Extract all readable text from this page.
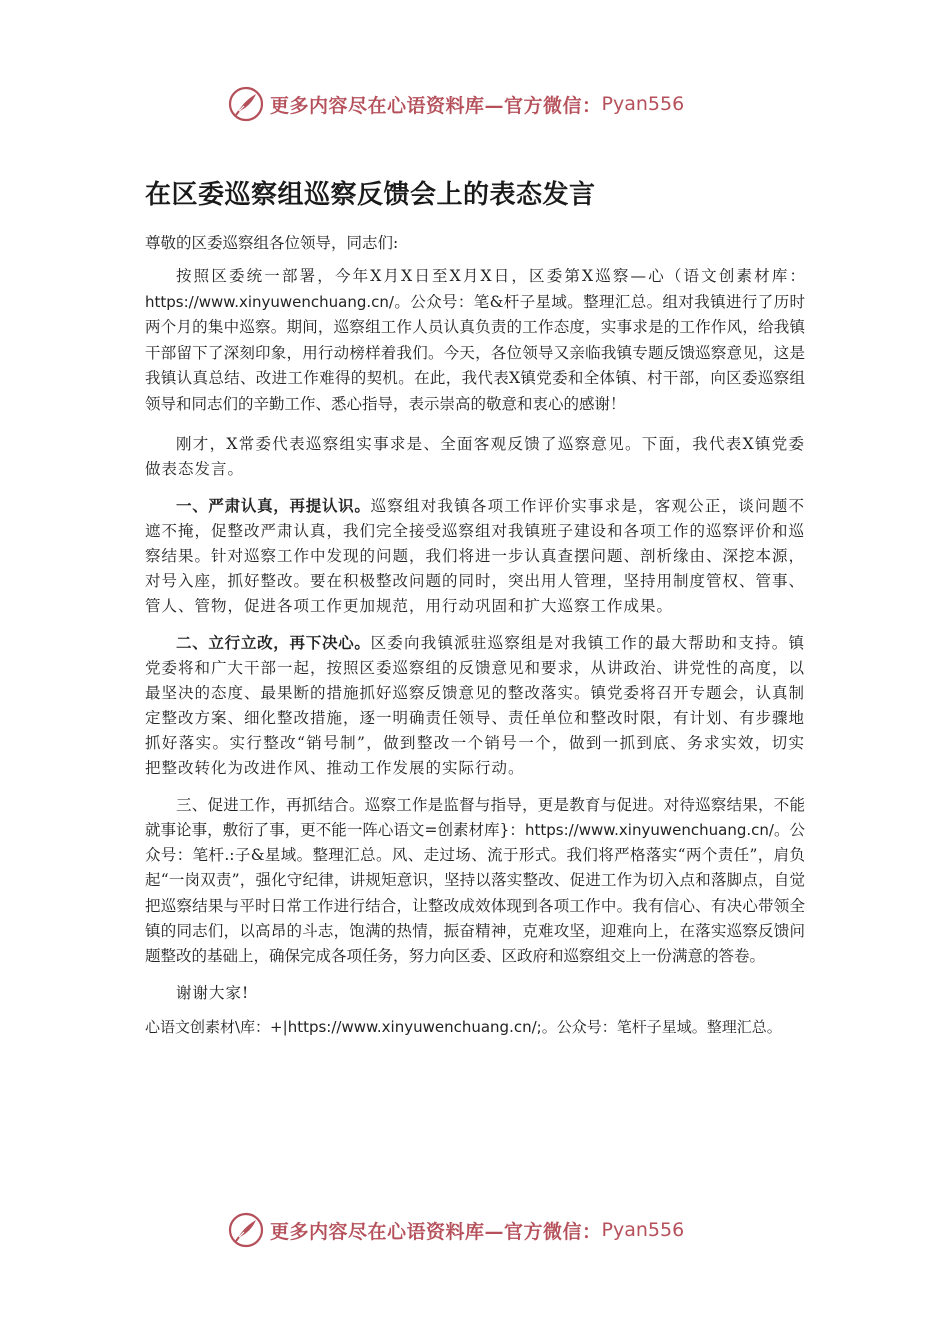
更多内容尽在心语资料库—官方微信： Pyan556
在区委巡察组巡察反馈会上的表态发言

尊敬的区委巡察组各位领导，同志们:

按照区委统一部署，今年X月X日至X月X日，区委第X巡察—心（语文创素材库：https://www.xinyuwenchuang.cn/。公众号：笔&杆子星域。整理汇总。组对我镇进行了历时两个月的集中巡察。期间，巡察组工作人员认真负责的工作态度，实事求是的工作作风，给我镇干部留下了深刻印象，用行动榜样着我们。今天，各位领导又亲临我镇专题反馈巡察意见，这是我镇认真总结、改进工作难得的契机。在此，我代表X镇党委和全体镇、村干部，向区委巡察组领导和同志们的辛勤工作、悉心指导，表示崇高的敬意和衷心的感谢！

刚才，X常委代表巡察组实事求是、全面客观反馈了巡察意见。下面，我代表X镇党委做表态发言。

一、严肃认真，再提认识。巡察组对我镇各项工作评价实事求是，客观公正，谈问题不遮不掩，促整改严肃认真，我们完全接受巡察组对我镇班子建设和各项工作的巡察评价和巡察结果。针对巡察工作中发现的问题，我们将进一步认真查摆问题、剖析缘由、深挖本源，对号入座，抓好整改。要在积极整改问题的同时，突出用人管理，坚持用制度管权、管事、管人、管物，促进各项工作更加规范，用行动巩固和扩大巡察工作成果。

二、立行立改，再下决心。区委向我镇派驻巡察组是对我镇工作的最大帮助和支持。镇党委将和广大干部一起，按照区委巡察组的反馈意见和要求，从讲政治、讲党性的高度，以最坚决的态度、最果断的措施抓好巡察反馈意见的整改落实。镇党委将召开专题会，认真制定整改方案、细化整改措施，逐一明确责任领导、责任单位和整改时限，有计划、有步骤地抓好落实。实行整改“销号制”，做到整改一个销号一个，做到一抓到底、务求实效，切实把整改转化为改进作风、推动工作发展的实际行动。

三、促进工作，再抓结合。巡察工作是监督与指导，更是教育与促进。对待巡察结果，不能就事论事，敷衍了事，更不能一阵心语文=创素材库}：https://www.xinyuwenchuang.cn/。公众号：笔杆.:子&星域。整理汇总。风、走过场、流于形式。我们将严格落实“两个责任”，肩负起“一岗双责”，强化守纪律，讲规矩意识，坚持以落实整改、促进工作为切入点和落脚点，自觉把巡察结果与平时日常工作进行结合，让整改成效体现到各项工作中。我有信心、有决心带领全镇的同志们，以高昂的斗志，饱满的热情，振奋精神，克难攻坚，迎难向上，在落实巡察反馈问题整改的基础上，确保完成各项任务，努力向区委、区政府和巡察组交上一份满意的答卷。

谢谢大家!

心语文创素材\库：+|https://www.xinyuwenchuang.cn/;。公众号：笔杆子星域。整理汇总。

更多内容尽在心语资料库—官方微信： Pyan556
